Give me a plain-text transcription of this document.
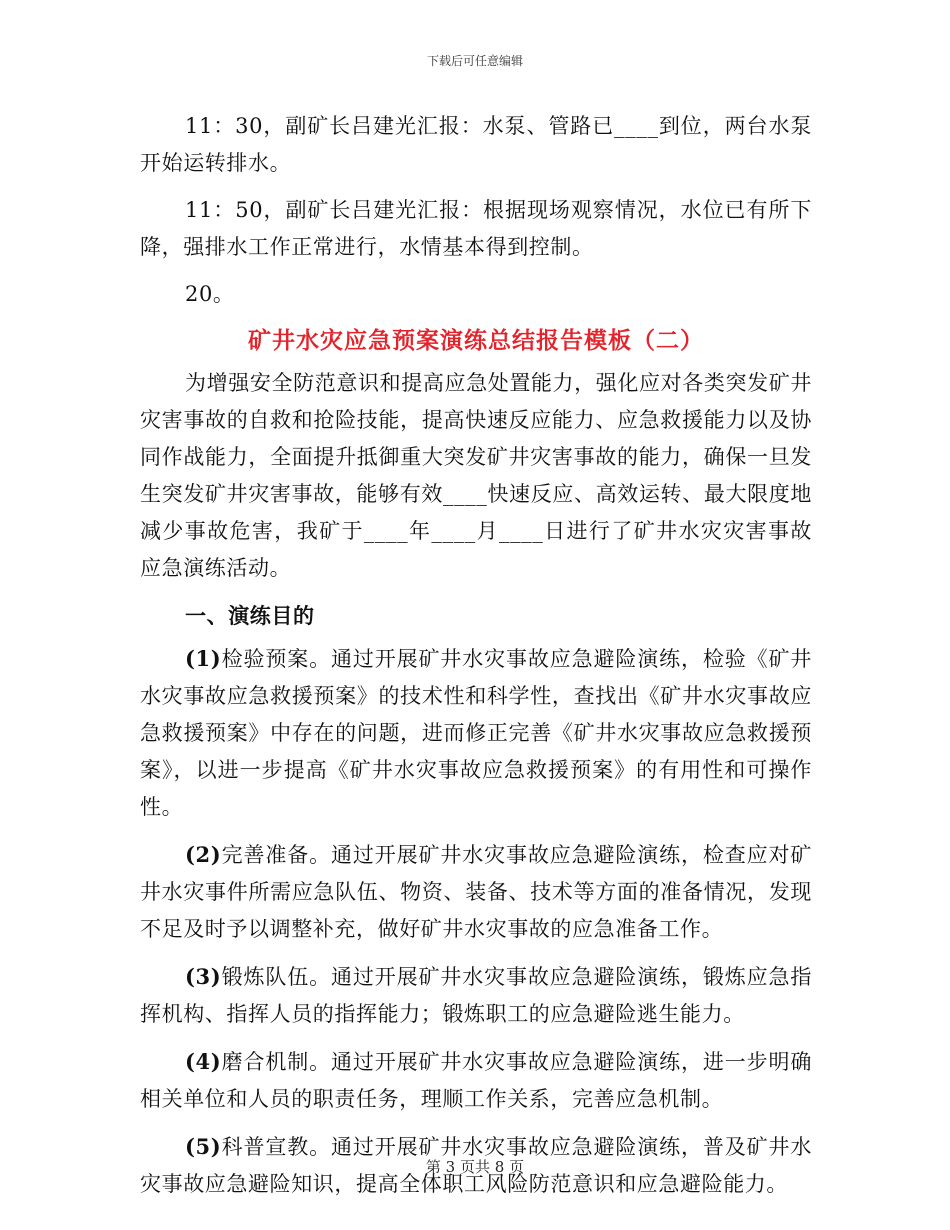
下载后可任意编辑

11：30，副矿长吕建光汇报：水泵、管路已____到位，两台水泵开始运转排水。

11：50，副矿长吕建光汇报：根据现场观察情况，水位已有所下降，强排水工作正常进行，水情基本得到控制。

20。

矿井水灾应急预案演练总结报告模板（二）

为增强安全防范意识和提高应急处置能力，强化应对各类突发矿井灾害事故的自救和抢险技能，提高快速反应能力、应急救援能力以及协同作战能力，全面提升抵御重大突发矿井灾害事故的能力，确保一旦发生突发矿井灾害事故，能够有效____快速反应、高效运转、最大限度地减少事故危害，我矿于____年____月____日进行了矿井水灾灾害事故应急演练活动。

一、演练目的

(1)检验预案。通过开展矿井水灾事故应急避险演练，检验《矿井水灾事故应急救援预案》的技术性和科学性，查找出《矿井水灾事故应急救援预案》中存在的问题，进而修正完善《矿井水灾事故应急救援预案》，以进一步提高《矿井水灾事故应急救援预案》的有用性和可操作性。

(2)完善准备。通过开展矿井水灾事故应急避险演练，检查应对矿井水灾事件所需应急队伍、物资、装备、技术等方面的准备情况，发现不足及时予以调整补充，做好矿井水灾事故的应急准备工作。

(3)锻炼队伍。通过开展矿井水灾事故应急避险演练，锻炼应急指挥机构、指挥人员的指挥能力；锻炼职工的应急避险逃生能力。

(4)磨合机制。通过开展矿井水灾事故应急避险演练，进一步明确相关单位和人员的职责任务，理顺工作关系，完善应急机制。

(5)科普宣教。通过开展矿井水灾事故应急避险演练，普及矿井水灾事故应急避险知识，提高全体职工风险防范意识和应急避险能力。

第 3 页共 8 页
